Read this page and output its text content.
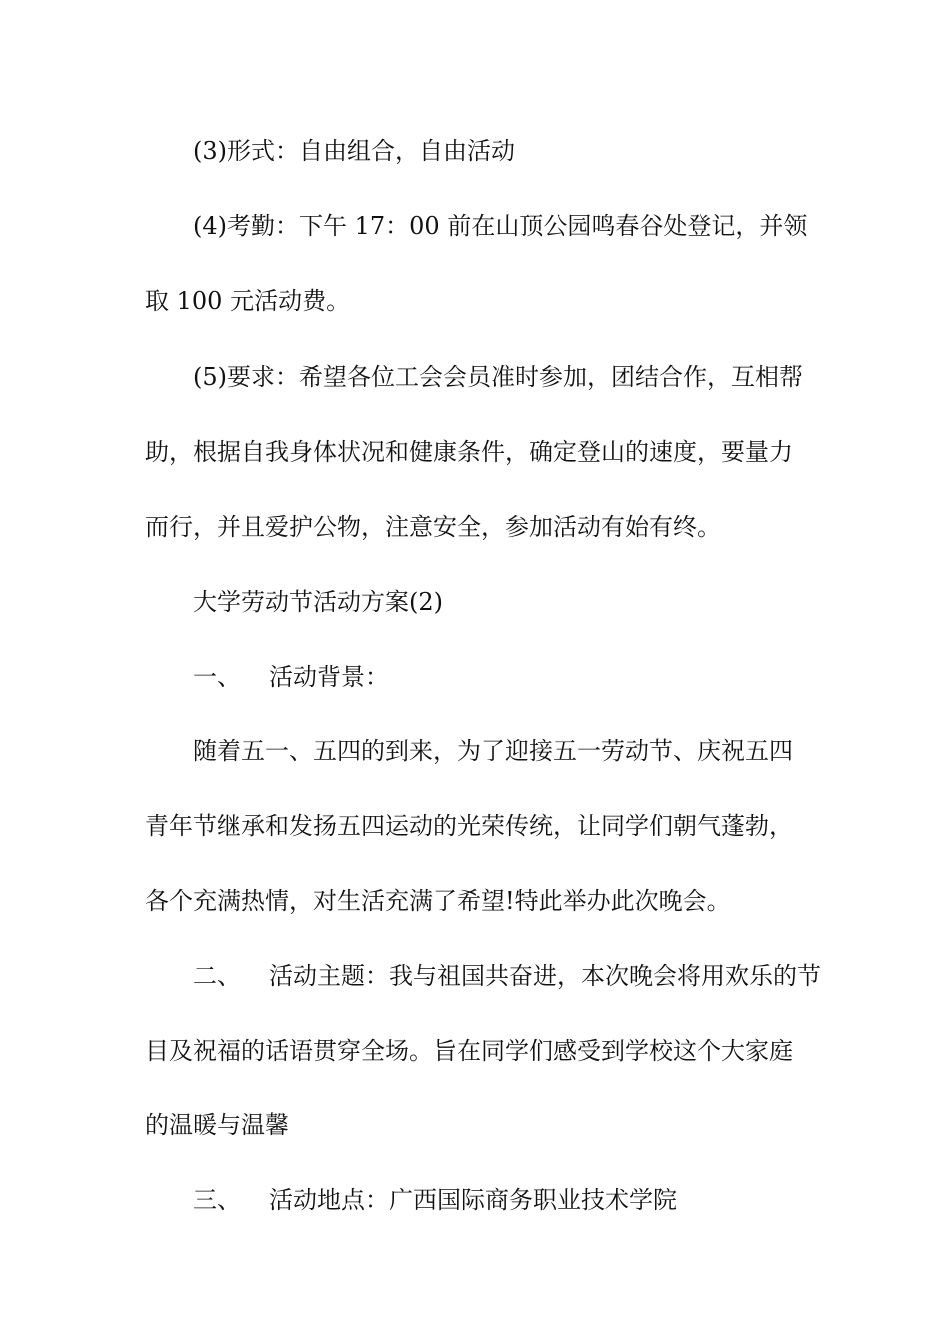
(3)形式：自由组合，自由活动
(4)考勤：下午 17：00 前在山顶公园鸣春谷处登记，并领
取 100 元活动费。
(5)要求：希望各位工会会员准时参加，团结合作，互相帮
助，根据自我身体状况和健康条件，确定登山的速度，要量力
而行，并且爱护公物，注意安全，参加活动有始有终。
大学劳动节活动方案(2)
一、 活动背景：
随着五一、五四的到来，为了迎接五一劳动节、庆祝五四
青年节继承和发扬五四运动的光荣传统，让同学们朝气蓬勃，
各个充满热情，对生活充满了希望!特此举办此次晚会。
二、 活动主题：我与祖国共奋进，本次晚会将用欢乐的节
目及祝福的话语贯穿全场。旨在同学们感受到学校这个大家庭
的温暖与温馨
三、 活动地点：广西国际商务职业技术学院
